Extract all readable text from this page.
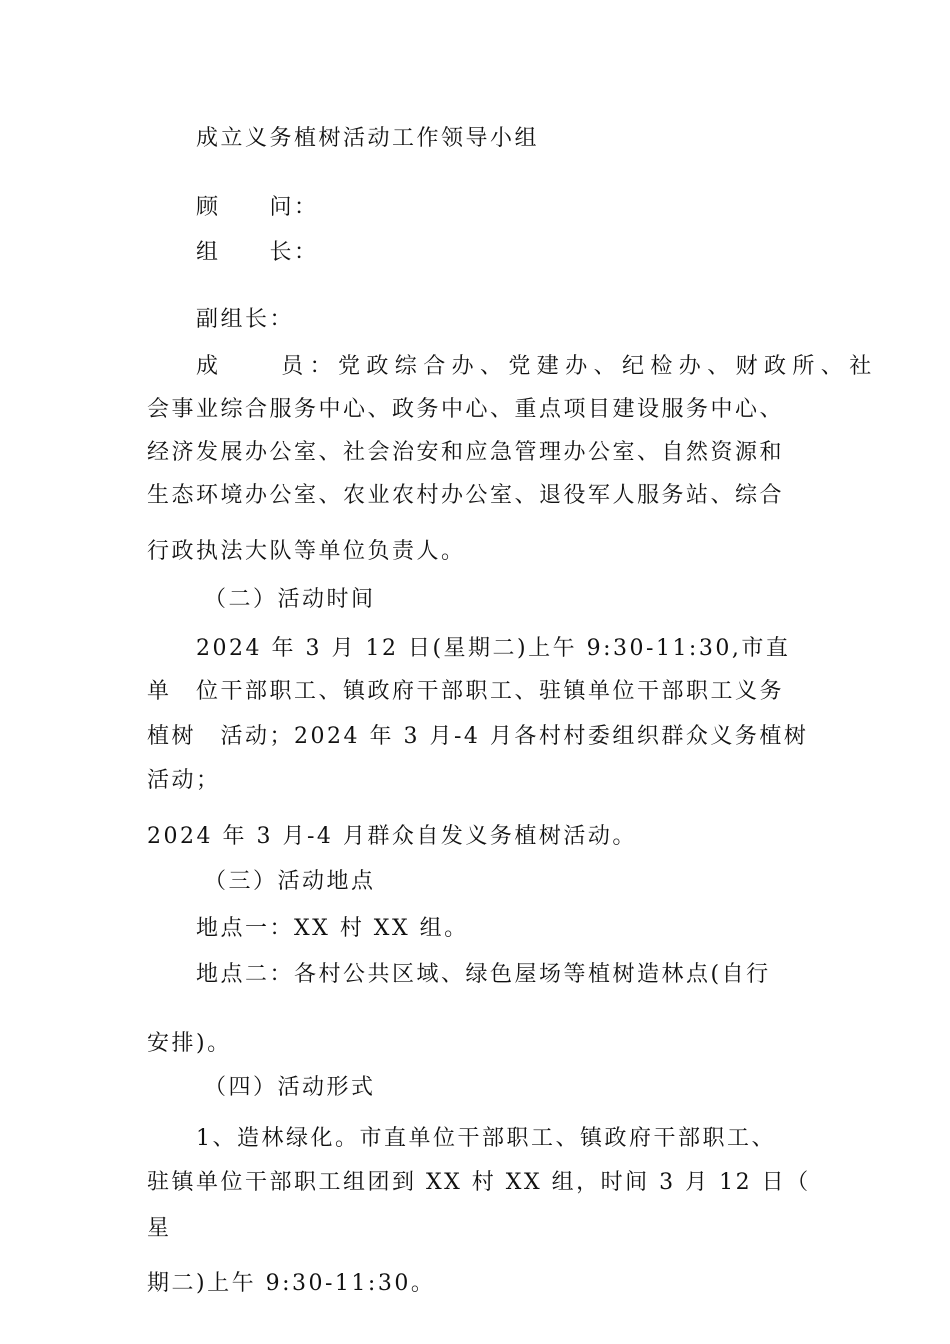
成立义务植树活动工作领导小组
顾　　问：
组　　长：
副组长：
成　　员：党政综合办、党建办、纪检办、财政所、社
会事业综合服务中心、政务中心、重点项目建设服务中心、
经济发展办公室、社会治安和应急管理办公室、自然资源和
生态环境办公室、农业农村办公室、退役军人服务站、综合
行政执法大队等单位负责人。
（二）活动时间
2024 年 3 月 12 日(星期二)上午 9:30-11:30,市直
单　位干部职工、镇政府干部职工、驻镇单位干部职工义务
植树　活动；2024 年 3 月-4 月各村村委组织群众义务植树
活动；
2024 年 3 月-4 月群众自发义务植树活动。
（三）活动地点
地点一：XX 村 XX 组。
地点二：各村公共区域、绿色屋场等植树造林点(自行
安排)。
（四）活动形式
1、造林绿化。市直单位干部职工、镇政府干部职工、
驻镇单位干部职工组团到 XX 村 XX 组，时间 3 月 12 日（
星
期二)上午 9:30-11:30。
